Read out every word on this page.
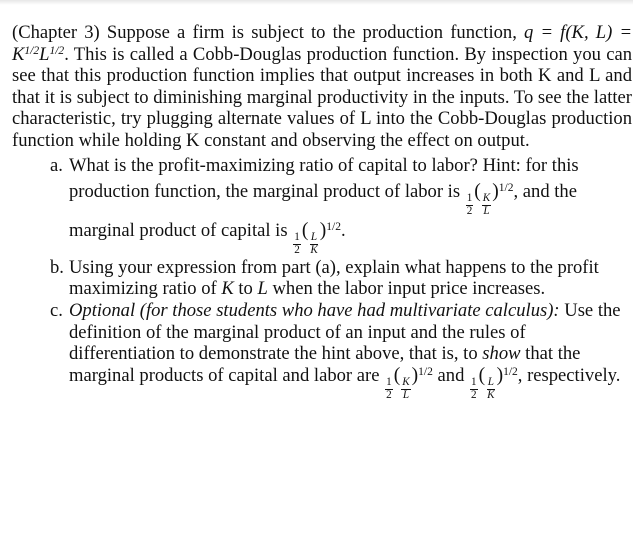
(Chapter 3) Suppose a firm is subject to the production function, q = f(K, $L) = K^{1/2}L^{1/2}$. This is called a Cobb-Douglas production function. By inspection you can see that this production function implies that output increases in both K and L and that it is subject to diminishing marginal productivity in the inputs. To see the latter characteristic, try plugging alternate values of L into the Cobb-Douglas production function while holding K constant and observing the effect on output.

a. What is the profit-maximizing ratio of capital to labor? Hint: for this production function, the marginal product of labor is
$\frac{1}{2}$
(
$\frac{K}{L}$
)$^{1/2}$, and the marginal product of capital is
$\frac{1}{2}$
(
$\frac{L}{K}$
)$^{1/2}$.
b. Using your expression from part (a), explain what happens to the profit maximizing ratio of K to L when the labor input price increases.
c. Optional (for those students who have had multivariate calculus): Use the definition of the marginal product of an input and the rules of differentiation to demonstrate the hint above, that is, to show that the marginal products of capital and labor are
$\frac{1}{2}$
(
$\frac{K}{L}$
)$^{1/2}$ and
$\frac{1}{2}$
(
$\frac{L}{K}$
)$^{1/2}$, respectively.
